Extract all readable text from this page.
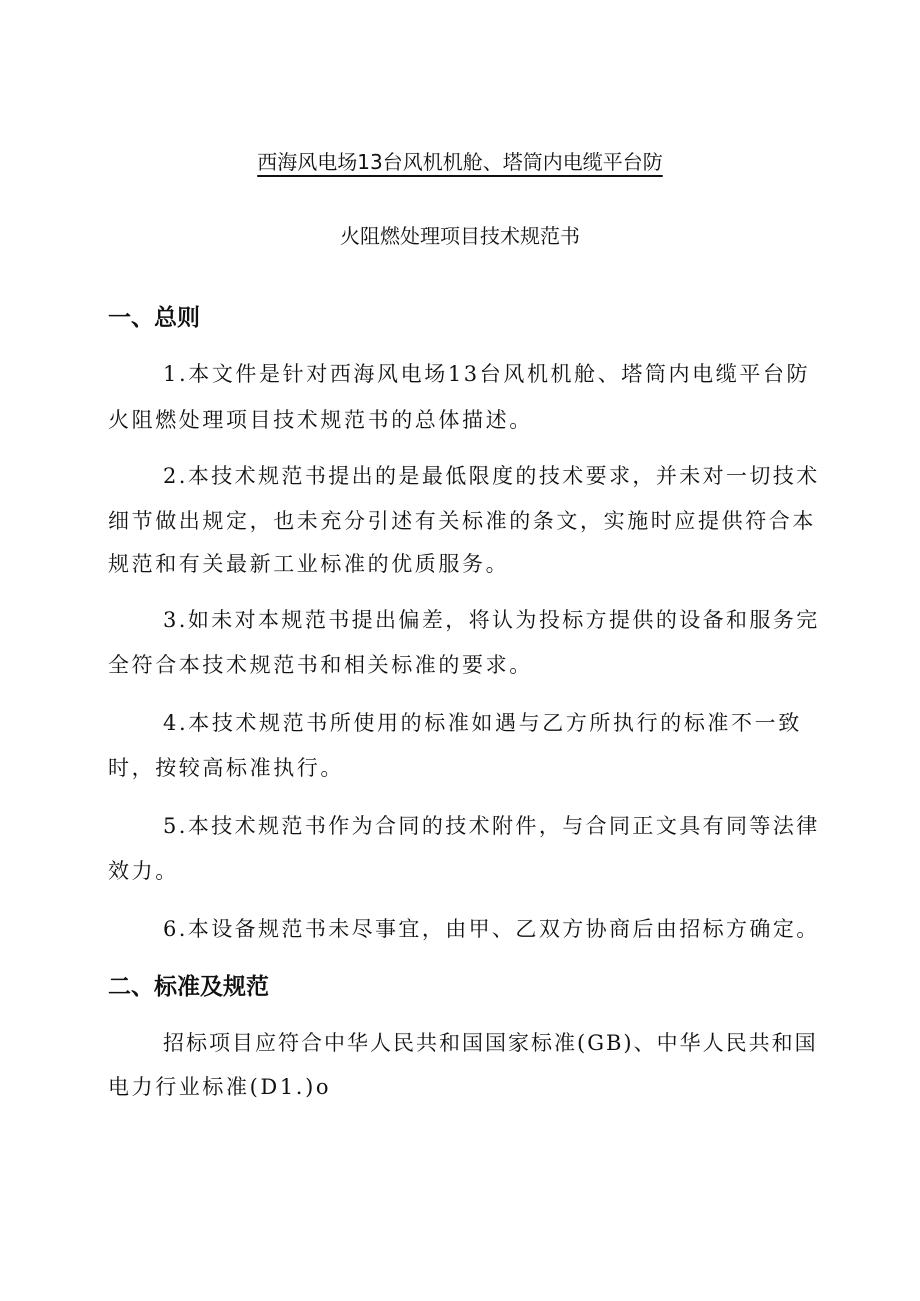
西海风电场13台风机机舱、塔筒内电缆平台防
火阻燃处理项目技术规范书
一、总则
1.本文件是针对西海风电场13台风机机舱、塔筒内电缆平台防
火阻燃处理项目技术规范书的总体描述。
2.本技术规范书提出的是最低限度的技术要求，并未对一切技术
细节做出规定，也未充分引述有关标准的条文，实施时应提供符合本
规范和有关最新工业标准的优质服务。
3.如未对本规范书提出偏差，将认为投标方提供的设备和服务完
全符合本技术规范书和相关标准的要求。
4.本技术规范书所使用的标准如遇与乙方所执行的标准不一致
时，按较高标准执行。
5.本技术规范书作为合同的技术附件，与合同正文具有同等法律
效力。
6.本设备规范书未尽事宜，由甲、乙双方协商后由招标方确定。
二、标准及规范
招标项目应符合中华人民共和国国家标准(GB)、中华人民共和国
电力行业标准(D1.)o
